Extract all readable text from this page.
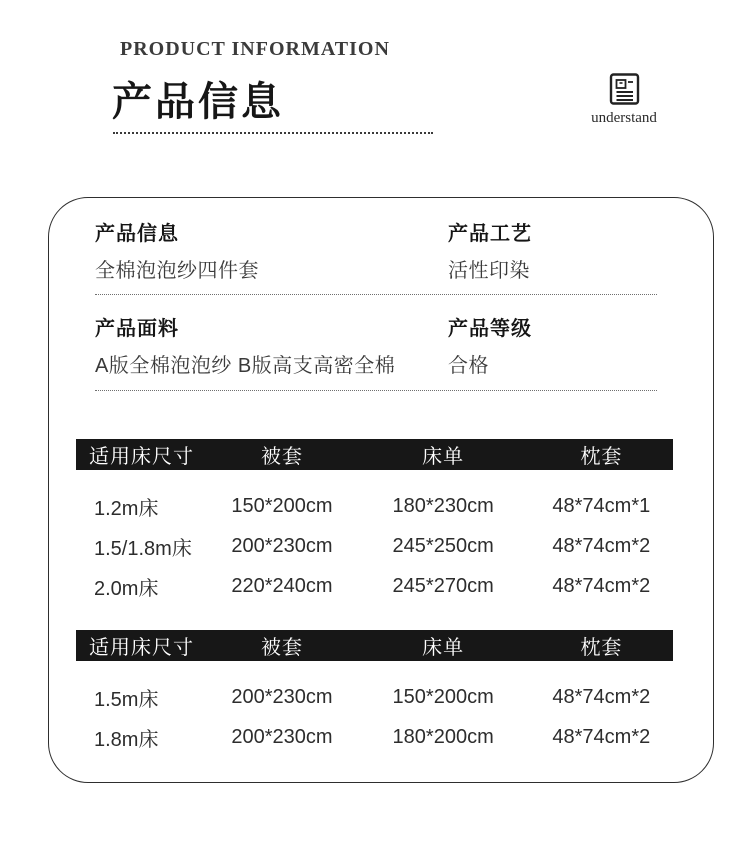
PRODUCT INFORMATION
产品信息	understand
产品信息
全棉泡泡纱四件套
产品工艺
活性印染
产品面料
A版全棉泡泡纱 B版高支高密全棉
产品等级
合格
适用床尺寸	被套	床单	枕套
1.2m床	150*200cm	180*230cm	48*74cm*1
1.5/1.8m床	200*230cm	245*250cm	48*74cm*2
2.0m床	220*240cm	245*270cm	48*74cm*2
适用床尺寸	被套	床单	枕套
1.5m床	200*230cm	150*200cm	48*74cm*2
1.8m床	200*230cm	180*200cm	48*74cm*2
